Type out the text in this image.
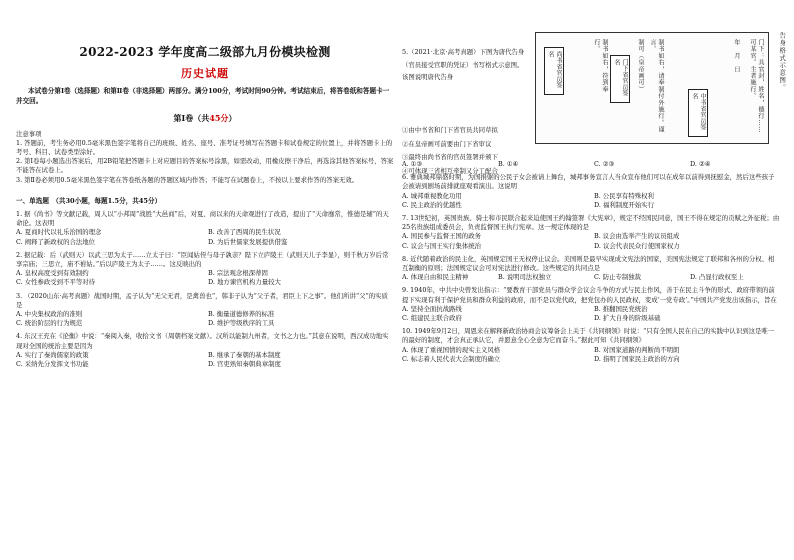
2022-2023 学年度高二级部九月份模块检测
历史试题
本试卷分第Ⅰ卷（选择题）和第Ⅱ卷（非选择题）两部分。满分100分，考试时间90分钟。考试结束后，将答卷纸和答题卡一并交回。
第Ⅰ卷（共45分）
注意事项
1. 答题前，考生务必用0.5毫米黑色签字笔将自己的班级、姓名、座号、准考证号填写在答题卡和试卷规定的位置上，并将答题卡上的考号、科目、试卷类型涂好。
2. 第Ⅰ卷每小题选出答案后，用2B铅笔把答题卡上对应题目的答案标号涂黑，如需改动，用橡皮擦干净后，再选涂其他答案标号，答案不能答在试卷上。
3. 第Ⅱ卷必须用0.5毫米黑色签字笔在答卷纸各题的答题区域内作答；不能写在试题卷上，不按以上要求作答的答案无效。
一、单选题　（共30小题，每题1.5分，共45分）
1. 据《尚书》等文献记载，周人以“小邦周”战胜“大邑商”后，对夏、商以来的天命观进行了改造，提出了“天命靡常，惟德是辅”的天命论。这表明
A. 夏商时代以礼乐治国的理念	B. 改善了西周的民生状况
C. 阐释了新政权的合法地位	D. 为后世儒家发展提供借鉴
2. 据记载：后（武则天）以武三思为太子……立太子曰：“臣闻姑侄与母子孰亲？陛下立庐陵王（武则天儿子李显），则千秋万岁后常享宗庙；三思立，庙不祔姑。”后以庐陵王为太子……。这反映出的
A. 皇权高度受到有效制约	B. 宗法观念根深蒂固
C. 女性参政受到不平等对待	D. 地方谏官机构力量较大
3. （2020山东·高考真题）战国时期，孟子认为“无父无君，是禽兽也”，韩非子认为“父子者，君臣上下之事”。他们所讲“父”的实质是
A. 中央集权政治的准则	B. 衡量道德修养的标准
C. 统治阶层的行为规范	D. 维护等级秩序的工具
4. 东汉王充在《论衡》中说：“秦阅入秦，收拾文书（周朝档案文献）。汉所以能制九州者，文书之力也。”其意在说明，西汉成功地实现对全国的统治主要是因为
A. 实行了秦尚儒家的政策	B. 继承了秦朝的基本制度
C. 采纳先分发挥文书功能	D. 官吏熟知秦朝典章制度
5.（2021·北京·高考真题）下图为唐代告身（官员接受官职的凭证）书写格式示意图。该图说明唐代告身
①由中书省和门下省官员共同草拟
②在皇帝画可前要由门下省审议
③最终由尚书省的官员签署并颁下
④可体现三省相互牵制又分工配合
门下：具官封，姓名，德行……可某官。主者施行。
年　月　日
制可（皇帝画可）	制书如右，请奉制付外施行。谨言。
制书如右，符到奉行。
中书省官员签名
门下省官员签名
尚书省官员签名	告身格式示意图。
A. ①③	B. ①④	C. ②③	D. ②④
6. 雅典城邦鼎盛时期，为国捐躯的公民子女会被请上舞台，城邦事务宣言人当众宣布他们可以在成年以前得到抚慰金，然后这些孩子会被请到剧场前排就座观看演出。这说明
A. 城邦重视教化功用	B. 公民享有特殊权利
C. 民主政治的优越性	D. 福利制度开始实行
7. 13世纪初，英国贵族、骑士和市民联合起来迫使国王约翰签署《大宪章》，规定不经国民同意，国王不得在规定的贡赋之外征税；由25名贵族组成委员会，负责监督国王执行宪章。这一规定体现的是
A. 国民参与监督王国的政务	B. 议会由选举产生的议员组成
C. 议会与国王实行集体统治	D. 议会代表民众行使国家权力
8. 近代随着政治的民主化，英国规定国王无权停止议会。美国则是最早实现成文宪法的国家，美国宪法规定了联邦和各州的分权、相互制衡的原则；法国规定议会可对宪法进行修改。这些规定的共同点是
A. 体现自由和民主精神	B. 说明司法权独立	C. 防止专制独裁	D. 凸显行政权至上
9. 1940年，中共中央曾发出指示：“要教育干部党员与群众学会议会斗争的方式与民主作风，善于在民主斗争的形式、政府带领的前提下实现有利于保护党员和群众利益的政府，而不是以党代政，把党包办的人民政权，变成‘一党专政’。”中国共产党发出该指示，旨在
A. 坚持全面抗战路线	B. 推翻国民党统治
C. 组建民主联合政府	D. 扩大自身的阶级基础
10. 1949年9月2日，周恩来在解释新政治协商会议筹备会上关于《共同纲领》时说：“只有全国人民在自己的实践中认识到这是唯一的最好的制度，才会真正承认它，并愿意全心全意为它而奋斗。”据此可知《共同纲领》
A. 体现了重视国情的现实主义风格	B. 对国家道路的判断尚不明朗
C. 标志着人民代表大会制度的确立	D. 指明了国家民主政治的方向
